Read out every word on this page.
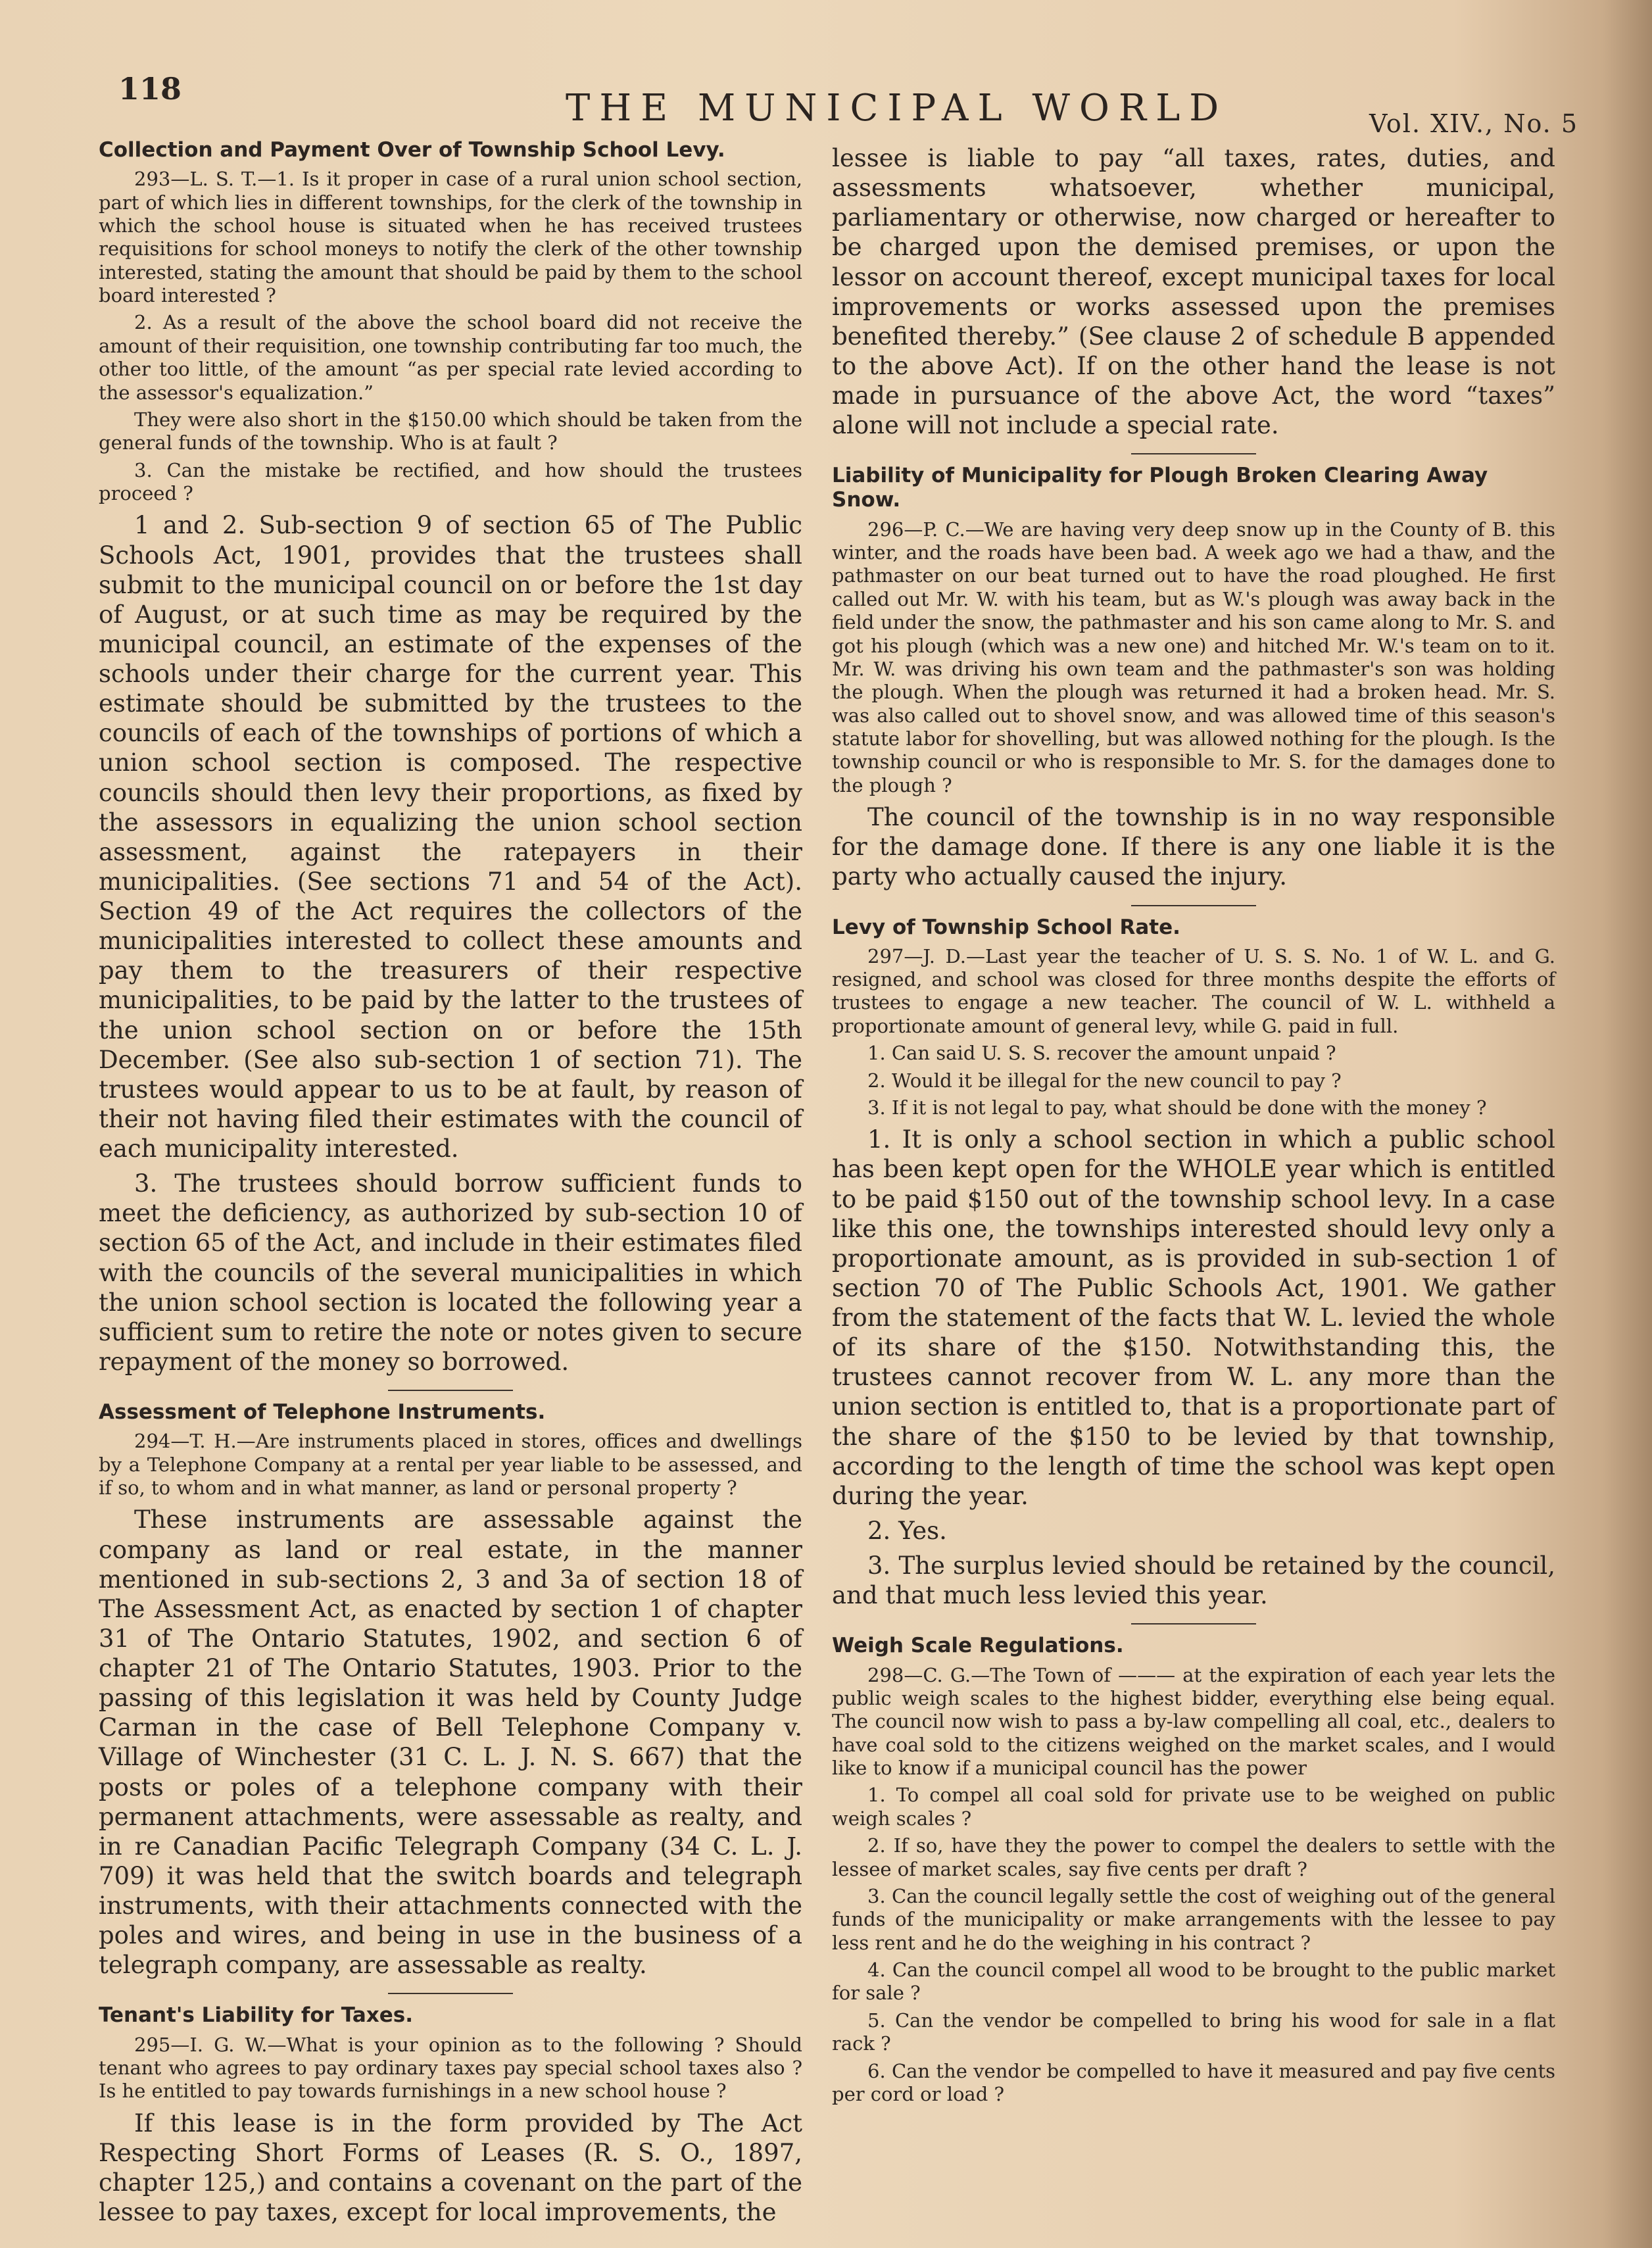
118	THE MUNICIPAL WORLD	Vol. XIV., No. 5
Collection and Payment Over of Township School Levy.

293—L. S. T.—1. Is it proper in case of a rural union school section, part of which lies in different townships, for the clerk of the township in which the school house is situated when he has received trustees requisitions for school moneys to notify the clerk of the other township interested, stating the amount that should be paid by them to the school board interested ?

2. As a result of the above the school board did not receive the amount of their requisition, one township contributing far too much, the other too little, of the amount “as per special rate levied according to the assessor's equalization.”

They were also short in the $150.00 which should be taken from the general funds of the township. Who is at fault ?

3. Can the mistake be rectified, and how should the trustees proceed ?

1 and 2. Sub-section 9 of section 65 of The Public Schools Act, 1901, provides that the trustees shall submit to the municipal council on or before the 1st day of August, or at such time as may be required by the municipal council, an estimate of the expenses of the schools under their charge for the current year. This estimate should be submitted by the trustees to the councils of each of the townships of portions of which a union school section is composed. The respective councils should then levy their proportions, as fixed by the assessors in equalizing the union school section assessment, against the ratepayers in their municipalities. (See sections 71 and 54 of the Act). Section 49 of the Act requires the collectors of the municipalities interested to collect these amounts and pay them to the treasurers of their respective municipalities, to be paid by the latter to the trustees of the union school section on or before the 15th December. (See also sub-section 1 of section 71). The trustees would appear to us to be at fault, by reason of their not having filed their estimates with the council of each municipality interested.

3. The trustees should borrow sufficient funds to meet the deficiency, as authorized by sub-section 10 of section 65 of the Act, and include in their estimates filed with the councils of the several municipalities in which the union school section is located the following year a sufficient sum to retire the note or notes given to secure repayment of the money so borrowed.

Assessment of Telephone Instruments.

294—T. H.—Are instruments placed in stores, offices and dwellings by a Telephone Company at a rental per year liable to be assessed, and if so, to whom and in what manner, as land or personal property ?

These instruments are assessable against the company as land or real estate, in the manner mentioned in sub-sections 2, 3 and 3a of section 18 of The Assessment Act, as enacted by section 1 of chapter 31 of The Ontario Statutes, 1902, and section 6 of chapter 21 of The Ontario Statutes, 1903. Prior to the passing of this legislation it was held by County Judge Carman in the case of Bell Telephone Company v. Village of Winchester (31 C. L. J. N. S. 667) that the posts or poles of a telephone company with their permanent attachments, were assessable as realty, and in re Canadian Pacific Telegraph Company (34 C. L. J. 709) it was held that the switch boards and telegraph instruments, with their attachments connected with the poles and wires, and being in use in the business of a telegraph company, are assessable as realty.

Tenant's Liability for Taxes.

295—I. G. W.—What is your opinion as to the following ? Should tenant who agrees to pay ordinary taxes pay special school taxes also ? Is he entitled to pay towards furnishings in a new school house ?

If this lease is in the form provided by The Act Respecting Short Forms of Leases (R. S. O., 1897, chapter 125,) and contains a covenant on the part of the lessee to pay taxes, except for local improvements, the

lessee is liable to pay “all taxes, rates, duties, and assessments whatsoever, whether municipal, parliamentary or otherwise, now charged or hereafter to be charged upon the demised premises, or upon the lessor on account thereof, except municipal taxes for local improvements or works assessed upon the premises benefited thereby.” (See clause 2 of schedule B appended to the above Act). If on the other hand the lease is not made in pursuance of the above Act, the word “taxes” alone will not include a special rate.

Liability of Municipality for Plough Broken Clearing Away Snow.

296—P. C.—We are having very deep snow up in the County of B. this winter, and the roads have been bad. A week ago we had a thaw, and the pathmaster on our beat turned out to have the road ploughed. He first called out Mr. W. with his team, but as W.'s plough was away back in the field under the snow, the pathmaster and his son came along to Mr. S. and got his plough (which was a new one) and hitched Mr. W.'s team on to it. Mr. W. was driving his own team and the pathmaster's son was holding the plough. When the plough was returned it had a broken head. Mr. S. was also called out to shovel snow, and was allowed time of this season's statute labor for shovelling, but was allowed nothing for the plough. Is the township council or who is responsible to Mr. S. for the damages done to the plough ?

The council of the township is in no way responsible for the damage done. If there is any one liable it is the party who actually caused the injury.

Levy of Township School Rate.

297—J. D.—Last year the teacher of U. S. S. No. 1 of W. L. and G. resigned, and school was closed for three months despite the efforts of trustees to engage a new teacher. The council of W. L. withheld a proportionate amount of general levy, while G. paid in full.

1. Can said U. S. S. recover the amount unpaid ?

2. Would it be illegal for the new council to pay ?

3. If it is not legal to pay, what should be done with the money ?

1. It is only a school section in which a public school has been kept open for the WHOLE year which is entitled to be paid $150 out of the township school levy. In a case like this one, the townships interested should levy only a proportionate amount, as is provided in sub-section 1 of section 70 of The Public Schools Act, 1901. We gather from the statement of the facts that W. L. levied the whole of its share of the $150. Notwithstanding this, the trustees cannot recover from W. L. any more than the union section is entitled to, that is a proportionate part of the share of the $150 to be levied by that township, according to the length of time the school was kept open during the year.

2. Yes.

3. The surplus levied should be retained by the council, and that much less levied this year.

Weigh Scale Regulations.

298—C. G.—The Town of ——— at the expiration of each year lets the public weigh scales to the highest bidder, everything else being equal. The council now wish to pass a by-law compelling all coal, etc., dealers to have coal sold to the citizens weighed on the market scales, and I would like to know if a municipal council has the power

1. To compel all coal sold for private use to be weighed on public weigh scales ?

2. If so, have they the power to compel the dealers to settle with the lessee of market scales, say five cents per draft ?

3. Can the council legally settle the cost of weighing out of the general funds of the municipality or make arrangements with the lessee to pay less rent and he do the weighing in his contract ?

4. Can the council compel all wood to be brought to the public market for sale ?

5. Can the vendor be compelled to bring his wood for sale in a flat rack ?

6. Can the vendor be compelled to have it measured and pay five cents per cord or load ?
